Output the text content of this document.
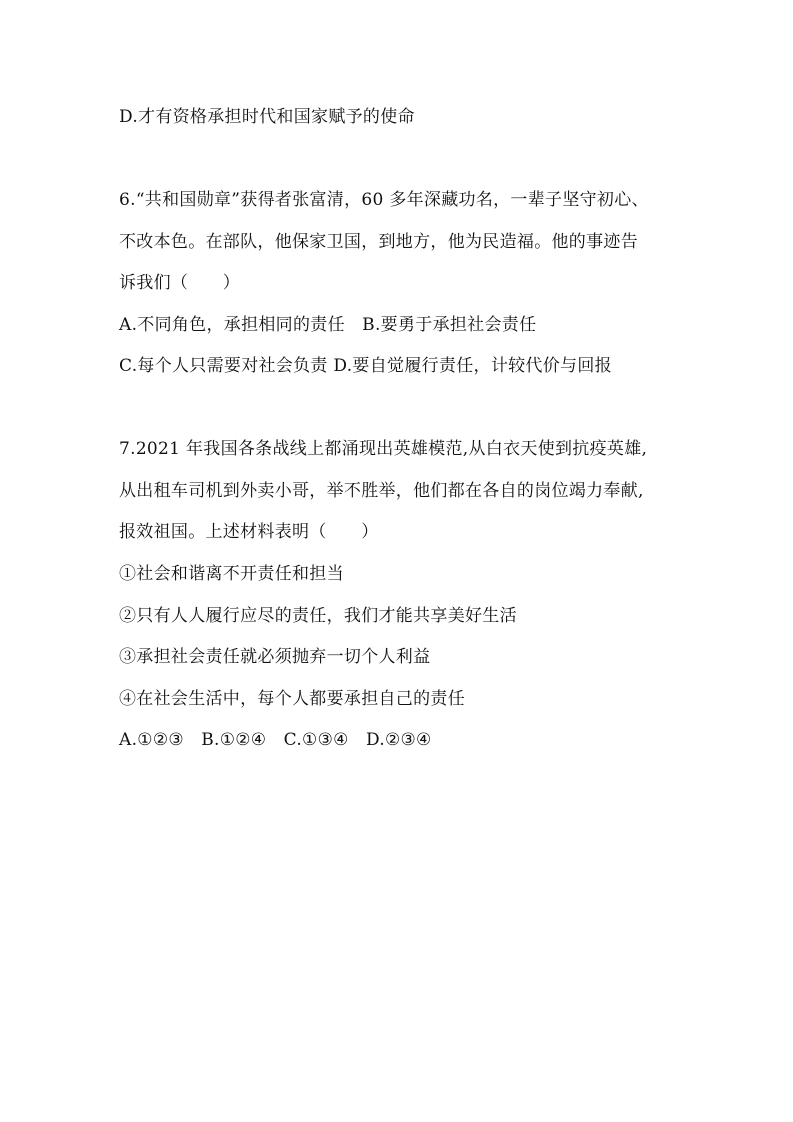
D.才有资格承担时代和国家赋予的使命
6.“共和国勋章”获得者张富清，60 多年深藏功名，一辈子坚守初心、
不改本色。在部队，他保家卫国，到地方，他为民造福。他的事迹告
诉我们（　　）
A.不同角色，承担相同的责任　B.要勇于承担社会责任
C.每个人只需要对社会负责 D.要自觉履行责任，计较代价与回报
7.2021 年我国各条战线上都涌现出英雄模范,从白衣天使到抗疫英雄,
从出租车司机到外卖小哥，举不胜举，他们都在各自的岗位竭力奉献,
报效祖国。上述材料表明（　　）
①社会和谐离不开责任和担当
②只有人人履行应尽的责任，我们才能共享美好生活
③承担社会责任就必须抛弃一切个人利益
④在社会生活中，每个人都要承担自己的责任
A.①②③　B.①②④　C.①③④　D.②③④
